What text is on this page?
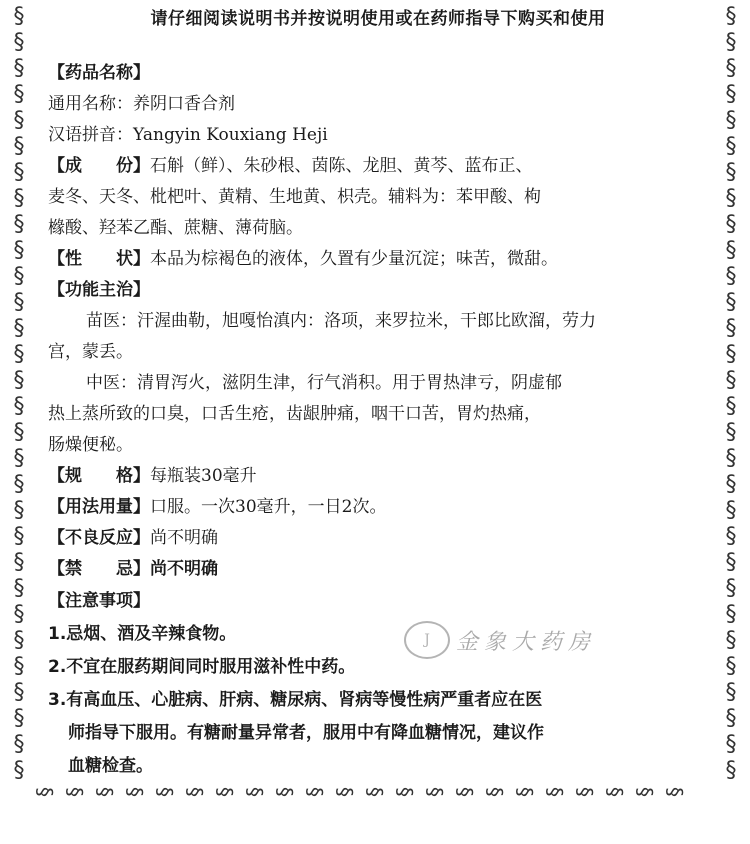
§
§
§
§
§
§
§
§
§
§
§
§
§
§
§
§
§
§
§
§
§
§
§
§
§
§
§
§
§
§
§
§
§
§
§
§
§
§
§
§
§
§
§
§
§
§
§
§
§
§
§
§
§
§
§
§
§
§
§
§
§ § § § § § § § § § § § § § § § § § § § § §
请仔细阅读说明书并按说明使用或在药师指导下购买和使用
【药品名称】
通用名称：养阴口香合剂
汉语拼音：Yangyin Kouxiang Heji
【成　　份】石斛（鲜）、朱砂根、茵陈、龙胆、黄芩、蓝布正、
麦冬、天冬、枇杷叶、黄精、生地黄、枳壳。辅料为：苯甲酸、枸
橼酸、羟苯乙酯、蔗糖、薄荷脑。
【性　　状】本品为棕褐色的液体，久置有少量沉淀；味苦，微甜。
【功能主治】
苗医：汗渥曲勒，旭嘎怡滇内：洛项，来罗拉米，干郎比欧溜，劳力
宫，蒙丢。
中医：清胃泻火，滋阴生津，行气消积。用于胃热津亏，阴虚郁
热上蒸所致的口臭，口舌生疮，齿龈肿痛，咽干口苦，胃灼热痛，
肠燥便秘。
【规　　格】每瓶装30毫升
【用法用量】口服。一次30毫升，一日2次。
【不良反应】尚不明确
【禁　　忌】尚不明确
【注意事项】
1.忌烟、酒及辛辣食物。
2.不宜在服药期间同时服用滋补性中药。
3.有高血压、心脏病、肝病、糖尿病、肾病等慢性病严重者应在医
师指导下服用。有糖耐量异常者，服用中有降血糖情况，建议作
血糖检查。
J	金象大药房
